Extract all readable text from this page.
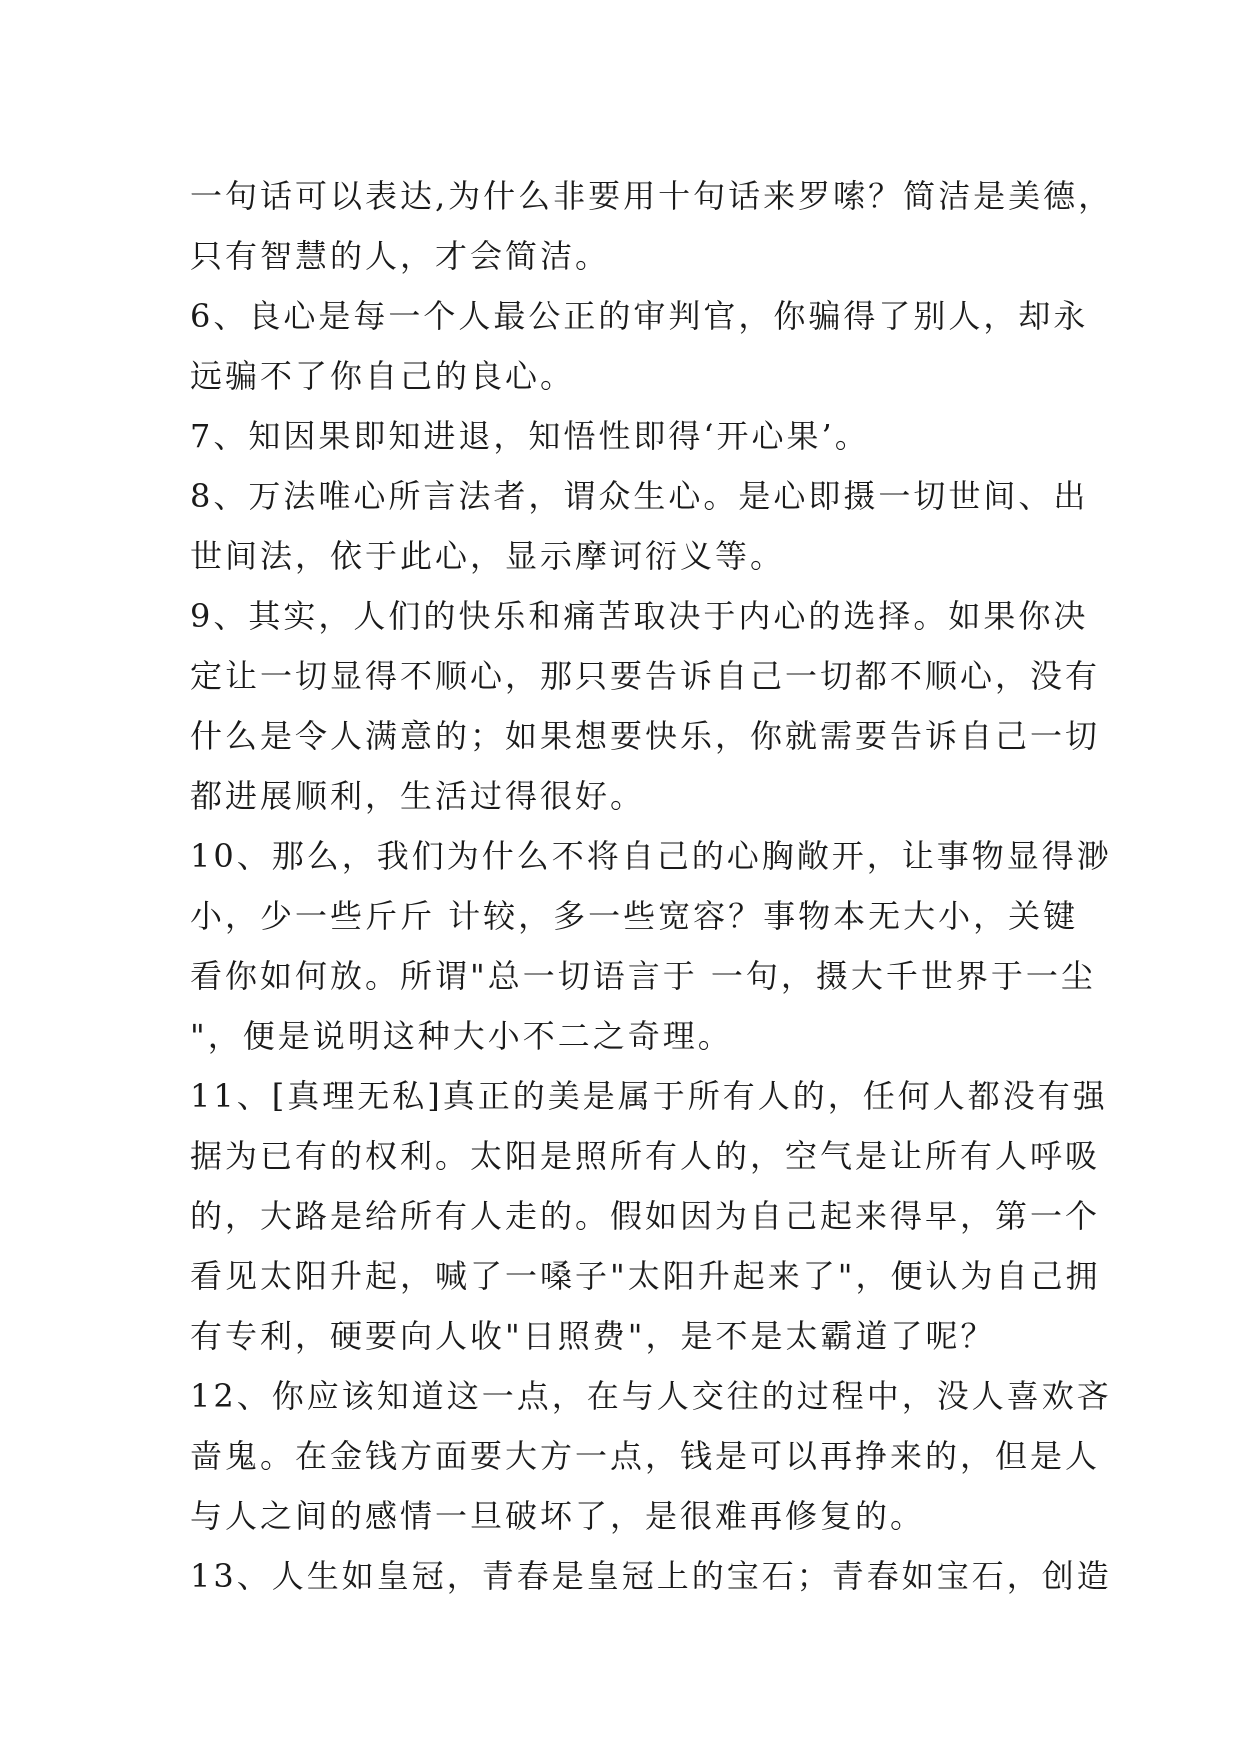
一句话可以表达,为什么非要用十句话来罗嗦？简洁是美德，
只有智慧的人，才会简洁。
6、良心是每一个人最公正的审判官，你骗得了别人，却永
远骗不了你自己的良心。
7、知因果即知进退，知悟性即得‘开心果’。
8、万法唯心所言法者，谓众生心。是心即摄一切世间、出
世间法，依于此心，显示摩诃衍义等。
9、其实，人们的快乐和痛苦取决于内心的选择。如果你决
定让一切显得不顺心，那只要告诉自己一切都不顺心，没有
什么是令人满意的；如果想要快乐，你就需要告诉自己一切
都进展顺利，生活过得很好。
10、那么，我们为什么不将自己的心胸敞开，让事物显得渺
小，少一些斤斤 计较，多一些宽容？事物本无大小，关键
看你如何放。所谓"总一切语言于 一句，摄大千世界于一尘
"，便是说明这种大小不二之奇理。
11、[真理无私]真正的美是属于所有人的，任何人都没有强
据为已有的权利。太阳是照所有人的，空气是让所有人呼吸
的，大路是给所有人走的。假如因为自己起来得早，第一个
看见太阳升起，喊了一嗓子"太阳升起来了"，便认为自己拥
有专利，硬要向人收"日照费"，是不是太霸道了呢？
12、你应该知道这一点，在与人交往的过程中，没人喜欢吝
啬鬼。在金钱方面要大方一点，钱是可以再挣来的，但是人
与人之间的感情一旦破坏了，是很难再修复的。
13、人生如皇冠，青春是皇冠上的宝石；青春如宝石，创造
